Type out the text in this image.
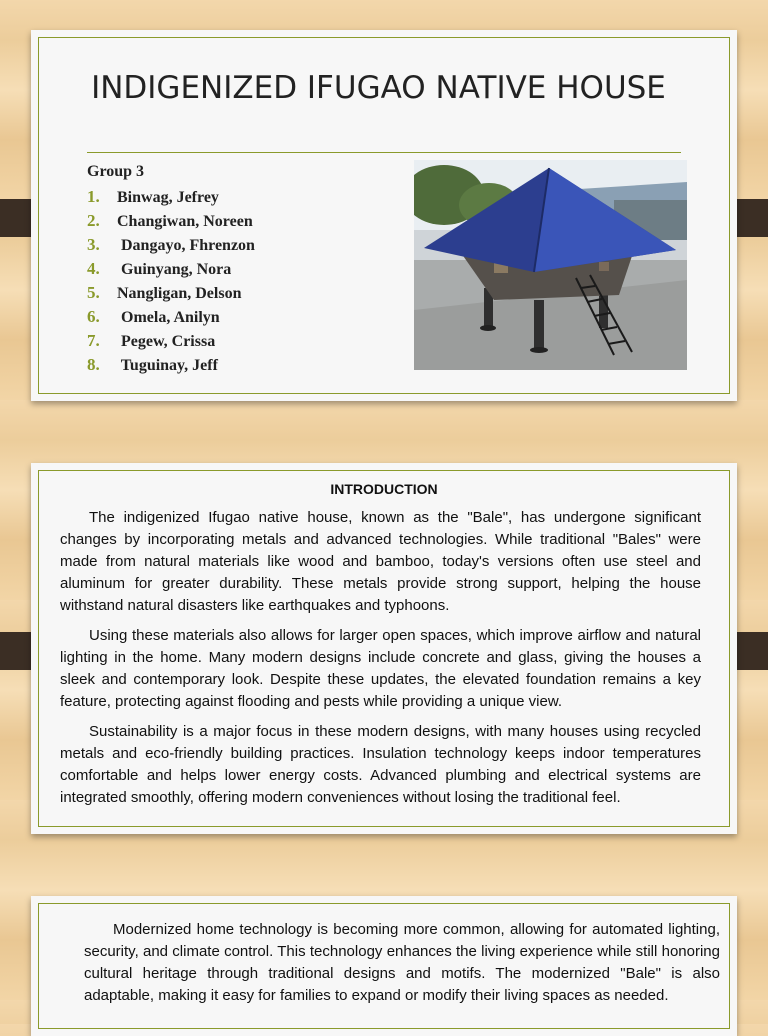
INDIGENIZED IFUGAO NATIVE HOUSE
Group 3
1. Binwag, Jefrey
2. Changiwan, Noreen
3. Dangayo, Fhrenzon
4. Guinyang, Nora
5. Nangligan, Delson
6. Omela, Anilyn
7. Pegew, Crissa
8. Tuguinay, Jeff
INTRODUCTION

The indigenized Ifugao native house, known as the "Bale", has undergone significant changes by incorporating metals and advanced technologies. While traditional "Bales" were made from natural materials like wood and bamboo, today's versions often use steel and aluminum for greater durability. These metals provide strong support, helping the house withstand natural disasters like earthquakes and typhoons.

Using these materials also allows for larger open spaces, which improve airflow and natural lighting in the home. Many modern designs include concrete and glass, giving the houses a sleek and contemporary look. Despite these updates, the elevated foundation remains a key feature, protecting against flooding and pests while providing a unique view.

Sustainability is a major focus in these modern designs, with many houses using recycled metals and eco-friendly building practices. Insulation technology keeps indoor temperatures comfortable and helps lower energy costs. Advanced plumbing and electrical systems are integrated smoothly, offering modern conveniences without losing the traditional feel.

Modernized home technology is becoming more common, allowing for automated lighting, security, and climate control. This technology enhances the living experience while still honoring cultural heritage through traditional designs and motifs. The modernized "Bale" is also adaptable, making it easy for families to expand or modify their living spaces as needed.
